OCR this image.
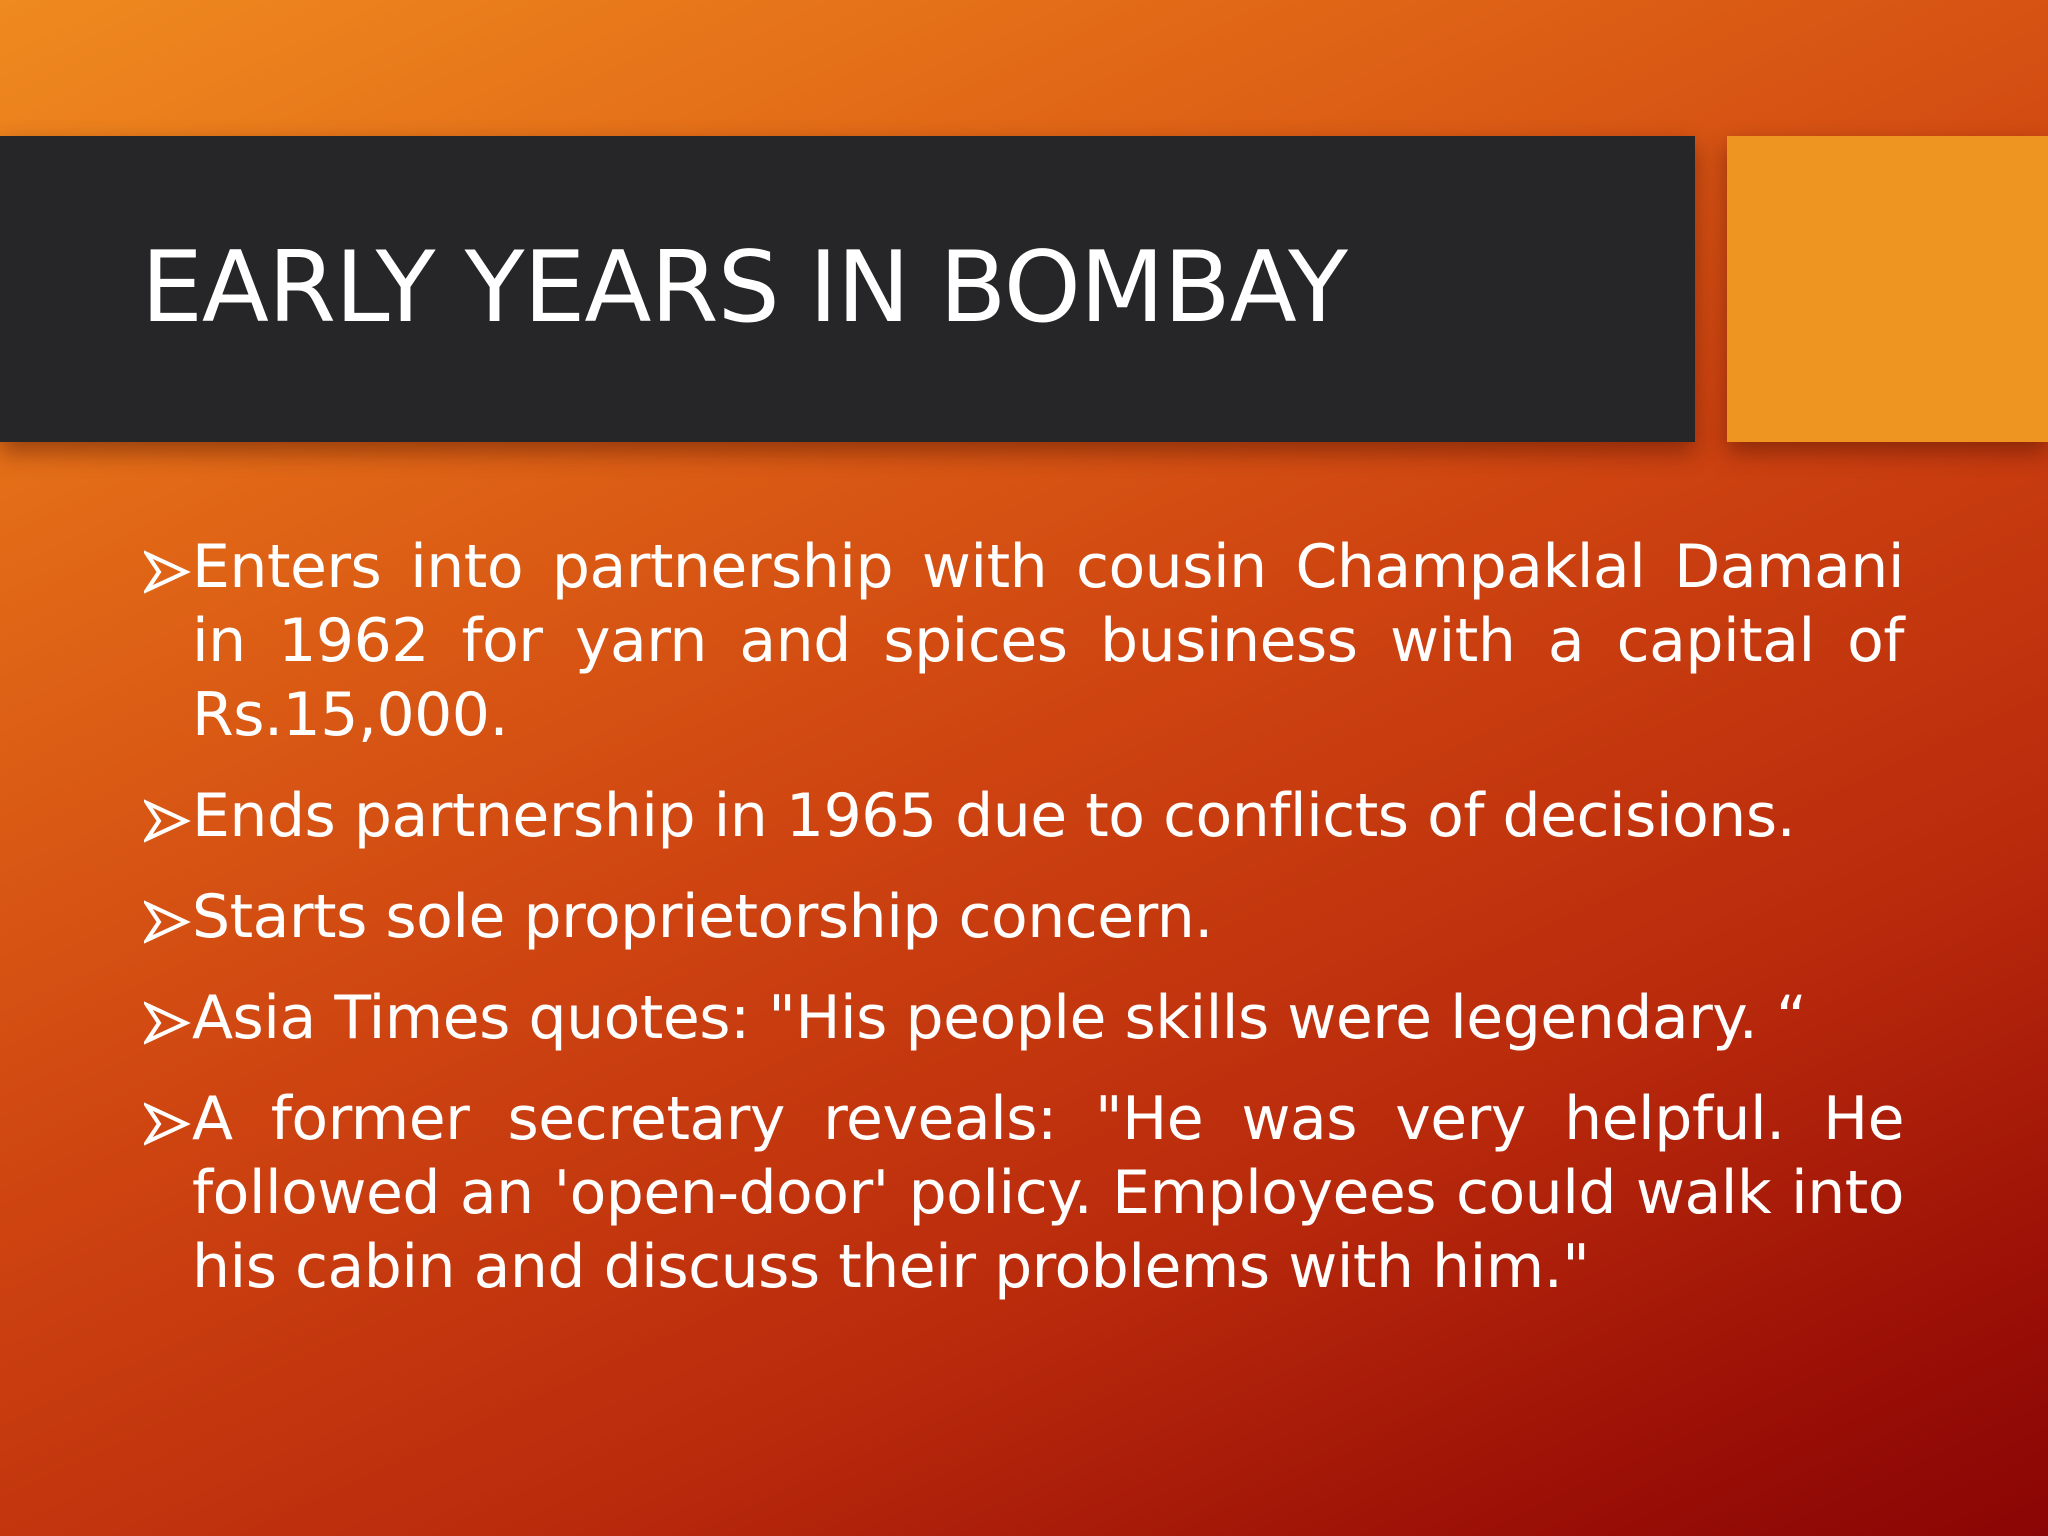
EARLY YEARS IN BOMBAY
Enters into partnership with cousin Champaklal Damani in 1962 for yarn and spices business with a capital of Rs.15,000.
Ends partnership in 1965 due to conflicts of decisions.
Starts sole proprietorship concern.
Asia Times quotes: "His people skills were legendary. “
A former secretary reveals: "He was very helpful. He followed an 'open-door' policy. Employees could walk into his cabin and discuss their problems with him."
